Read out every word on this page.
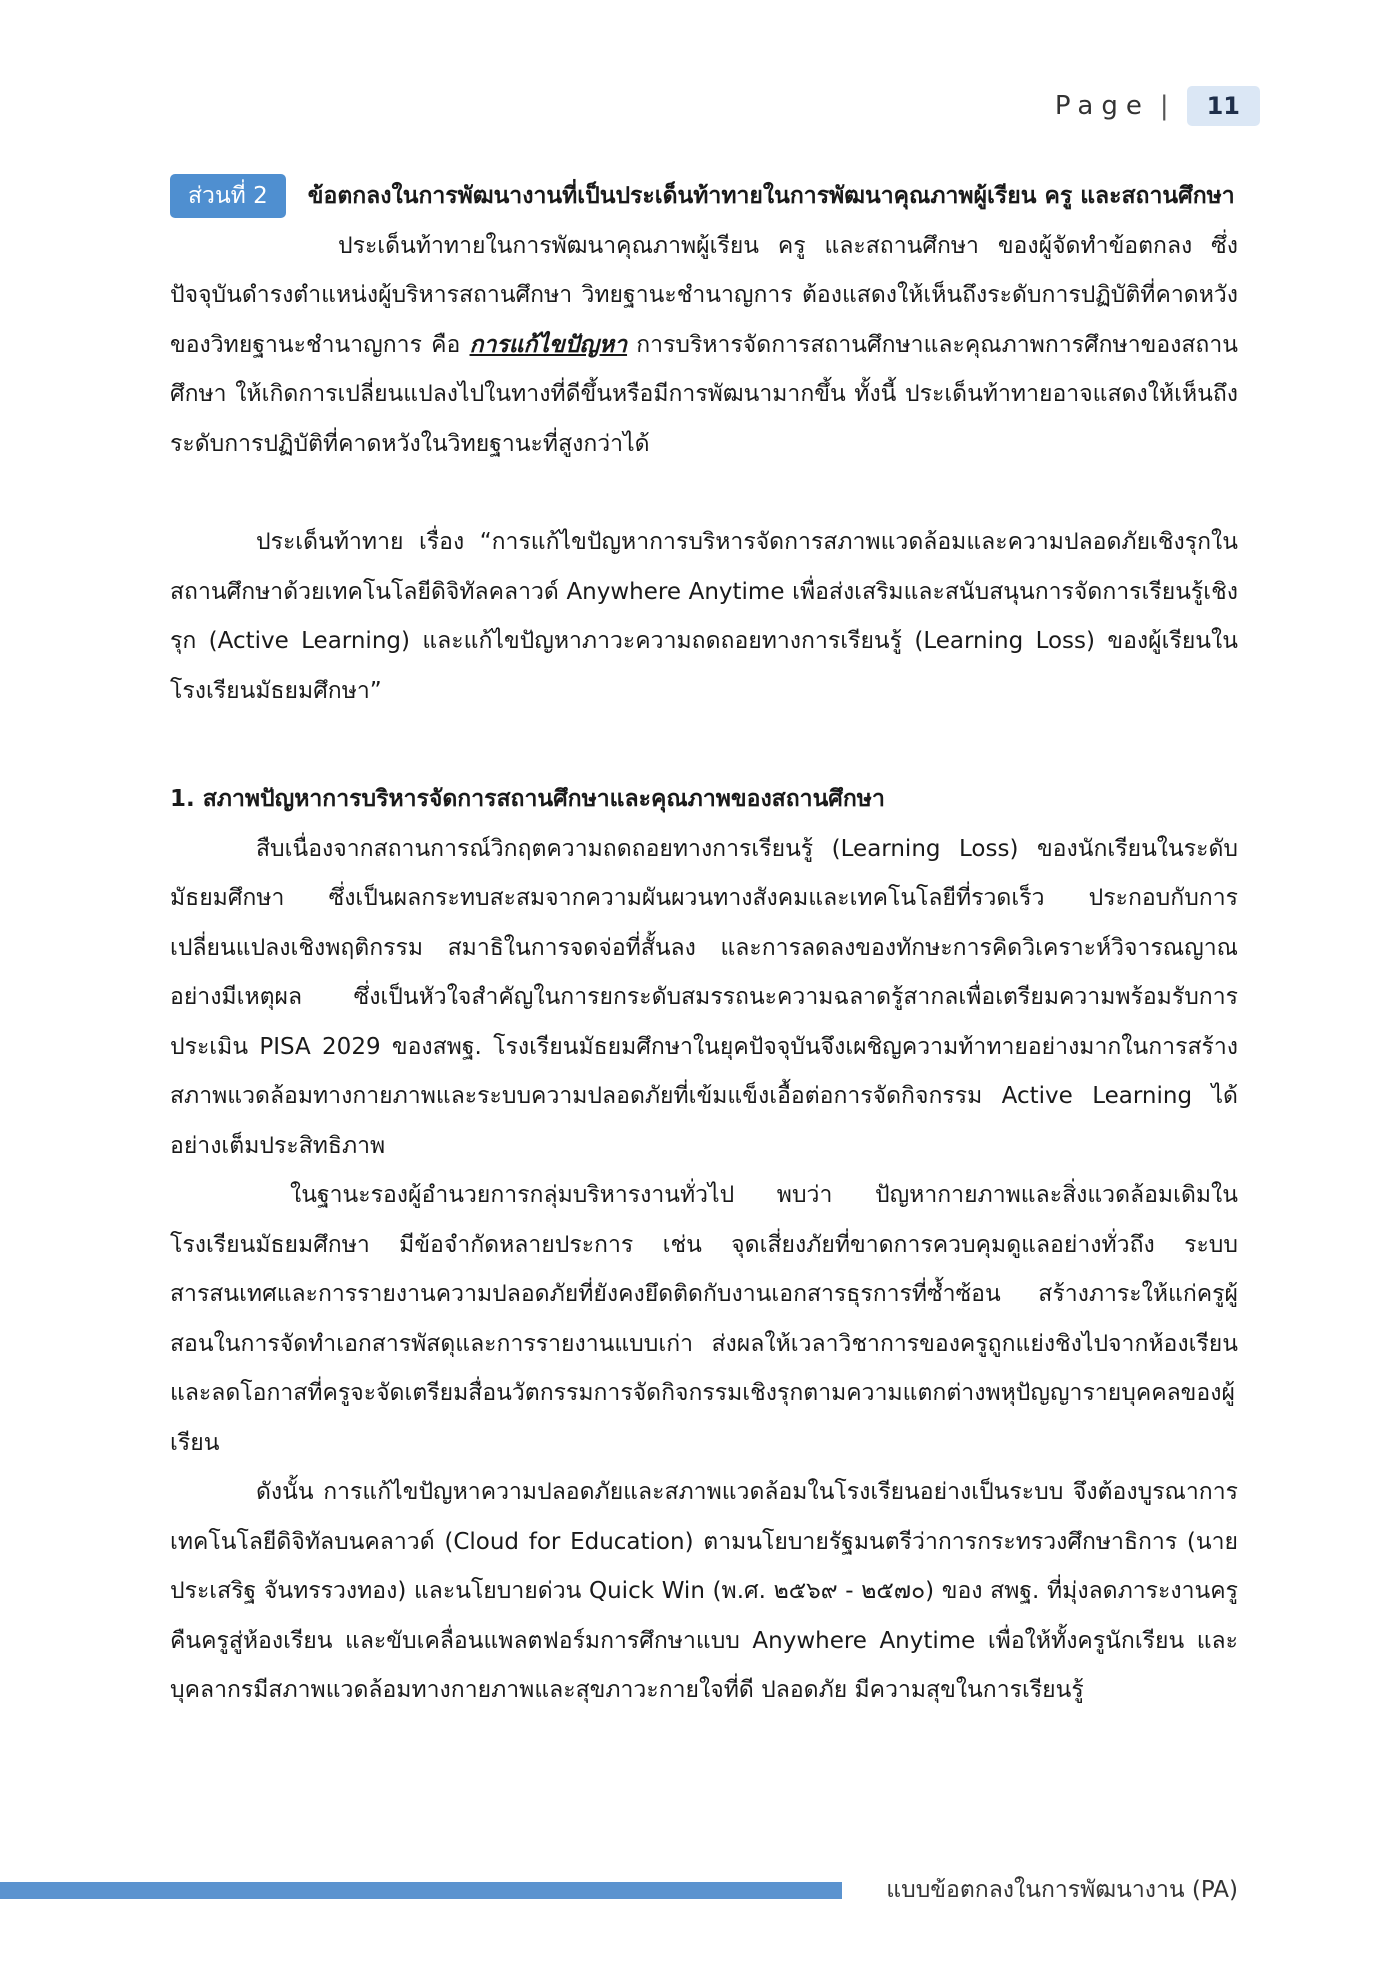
Page |	11
ส่วนที่ 2 ข้อตกลงในการพัฒนางานที่เป็นประเด็นท้าทายในการพัฒนาคุณภาพผู้เรียน ครู และสถานศึกษา

ประเด็นท้าทายในการพัฒนาคุณภาพผู้เรียน ครู และสถานศึกษา ของผู้จัดทำข้อตกลง ซึ่งปัจจุบันดำรงตำแหน่งผู้บริหารสถานศึกษา วิทยฐานะชำนาญการ ต้องแสดงให้เห็นถึงระดับการปฏิบัติที่คาดหวังของวิทยฐานะชำนาญการ คือ การแก้ไขปัญหา การบริหารจัดการสถานศึกษาและคุณภาพการศึกษาของสถานศึกษา ให้เกิดการเปลี่ยนแปลงไปในทางที่ดีขึ้นหรือมีการพัฒนามากขึ้น ทั้งนี้ ประเด็นท้าทายอาจแสดงให้เห็นถึงระดับการปฏิบัติที่คาดหวังในวิทยฐานะที่สูงกว่าได้

ประเด็นท้าทาย เรื่อง “การแก้ไขปัญหาการบริหารจัดการสภาพแวดล้อมและความปลอดภัยเชิงรุกในสถานศึกษาด้วยเทคโนโลยีดิจิทัลคลาวด์ Anywhere Anytime เพื่อส่งเสริมและสนับสนุนการจัดการเรียนรู้เชิงรุก (Active Learning) และแก้ไขปัญหาภาวะความถดถอยทางการเรียนรู้ (Learning Loss) ของผู้เรียนในโรงเรียนมัธยมศึกษา”

1. สภาพปัญหาการบริหารจัดการสถานศึกษาและคุณภาพของสถานศึกษา

สืบเนื่องจากสถานการณ์วิกฤตความถดถอยทางการเรียนรู้ (Learning Loss) ของนักเรียนในระดับมัธยมศึกษา ซึ่งเป็นผลกระทบสะสมจากความผันผวนทางสังคมและเทคโนโลยีที่รวดเร็ว ประกอบกับการเปลี่ยนแปลงเชิงพฤติกรรม สมาธิในการจดจ่อที่สั้นลง และการลดลงของทักษะการคิดวิเคราะห์วิจารณญาณอย่างมีเหตุผล ซึ่งเป็นหัวใจสำคัญในการยกระดับสมรรถนะความฉลาดรู้สากลเพื่อเตรียมความพร้อมรับการประเมิน PISA 2029 ของสพฐ. โรงเรียนมัธยมศึกษาในยุคปัจจุบันจึงเผชิญความท้าทายอย่างมากในการสร้างสภาพแวดล้อมทางกายภาพและระบบความปลอดภัยที่เข้มแข็งเอื้อต่อการจัดกิจกรรม Active Learning ได้อย่างเต็มประสิทธิภาพ

ในฐานะรองผู้อำนวยการกลุ่มบริหารงานทั่วไป พบว่า ปัญหากายภาพและสิ่งแวดล้อมเดิมในโรงเรียนมัธยมศึกษา มีข้อจำกัดหลายประการ เช่น จุดเสี่ยงภัยที่ขาดการควบคุมดูแลอย่างทั่วถึง ระบบสารสนเทศและการรายงานความปลอดภัยที่ยังคงยึดติดกับงานเอกสารธุรการที่ซ้ำซ้อน สร้างภาระให้แก่ครูผู้สอนในการจัดทำเอกสารพัสดุและการรายงานแบบเก่า ส่งผลให้เวลาวิชาการของครูถูกแย่งชิงไปจากห้องเรียน และลดโอกาสที่ครูจะจัดเตรียมสื่อนวัตกรรมการจัดกิจกรรมเชิงรุกตามความแตกต่างพหุปัญญารายบุคคลของผู้เรียน

ดังนั้น การแก้ไขปัญหาความปลอดภัยและสภาพแวดล้อมในโรงเรียนอย่างเป็นระบบ จึงต้องบูรณาการเทคโนโลยีดิจิทัลบนคลาวด์ (Cloud for Education) ตามนโยบายรัฐมนตรีว่าการกระทรวงศึกษาธิการ (นายประเสริฐ จันทรรวงทอง) และนโยบายด่วน Quick Win (พ.ศ. ๒๕๖๙ - ๒๕๗๐) ของ สพฐ. ที่มุ่งลดภาระงานครู คืนครูสู่ห้องเรียน และขับเคลื่อนแพลตฟอร์มการศึกษาแบบ Anywhere Anytime เพื่อให้ทั้งครูนักเรียน และบุคลากรมีสภาพแวดล้อมทางกายภาพและสุขภาวะกายใจที่ดี ปลอดภัย มีความสุขในการเรียนรู้

แบบข้อตกลงในการพัฒนางาน (PA)
